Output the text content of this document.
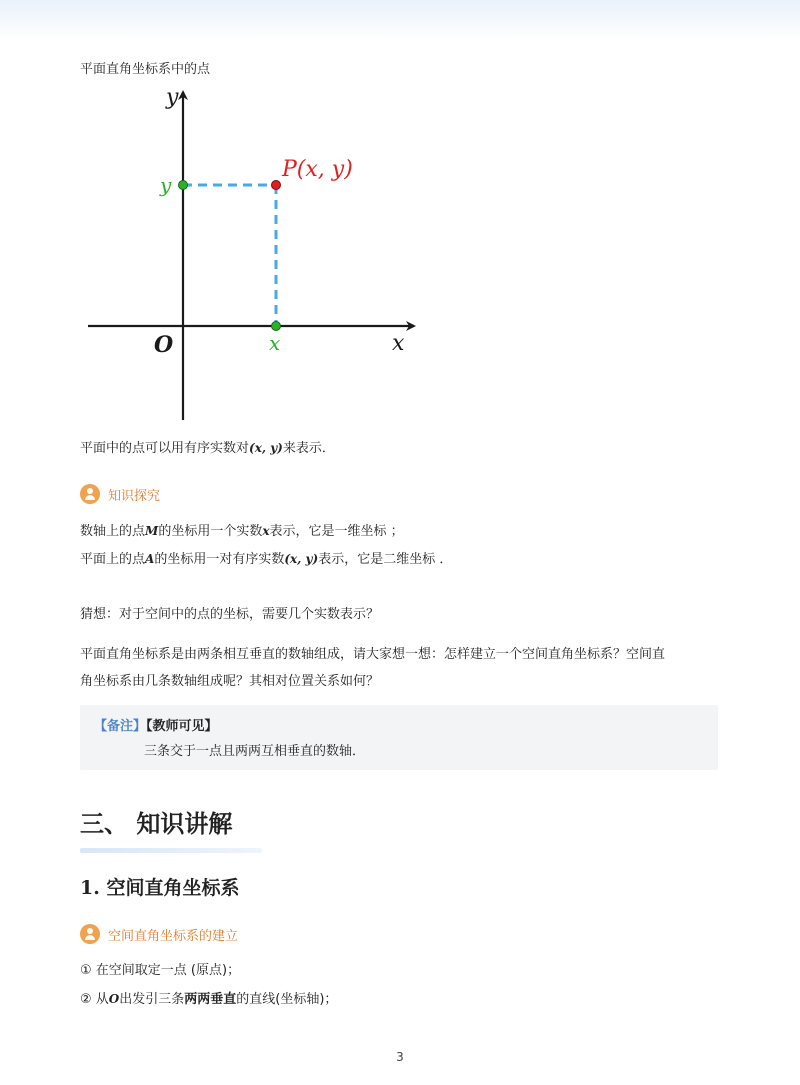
平面直角坐标系中的点
y
x
O
P(x, y)
y
x
平面中的点可以用有序实数对(x, y)来表示．
知识探究
数轴上的点M的坐标用一个实数x表示，它是一维坐标 ；
平面上的点A的坐标用一对有序实数(x, y)表示，它是二维坐标 ．
猜想：对于空间中的点的坐标，需要几个实数表示？
平面直角坐标系是由两条相互垂直的数轴组成，请大家想一想：怎样建立一个空间直角坐标系？空间直
角坐标系由几条数轴组成呢？其相对位置关系如何？
【备注】【教师可见】
三条交于一点且两两互相垂直的数轴．
三、 知识讲解
1. 空间直角坐标系
空间直角坐标系的建立
① 在空间取定一点 (原点)；
② 从O出发引三条两两垂直的直线(坐标轴)；
3
